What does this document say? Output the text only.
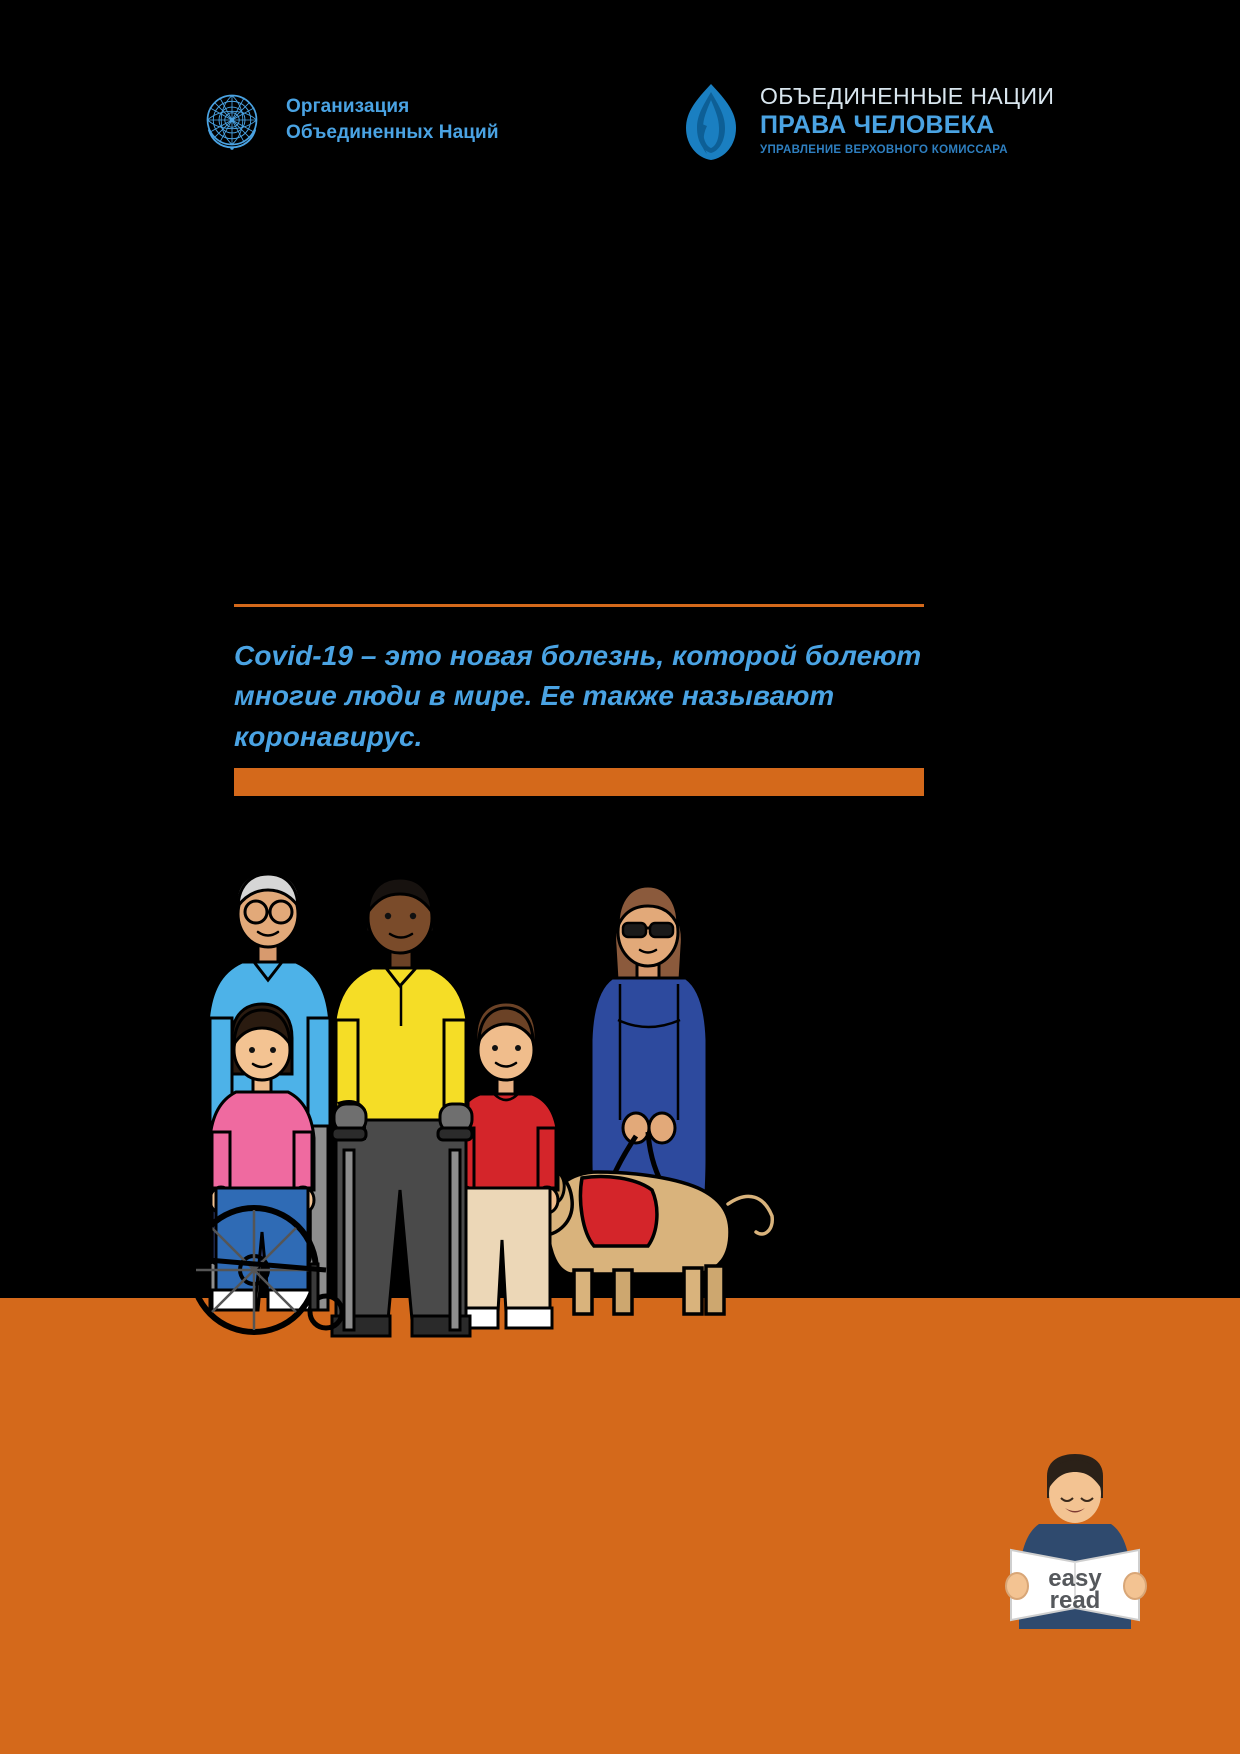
Организация
Объединенных Наций
ОБЪЕДИНЕННЫЕ НАЦИИ
ПРАВА ЧЕЛОВЕКА
УПРАВЛЕНИЕ ВЕРХОВНОГО КОМИССАРА
Covid-19 – это новая болезнь, которой болеют многие люди в мире. Ее также называют коронавирус.
easy
read
